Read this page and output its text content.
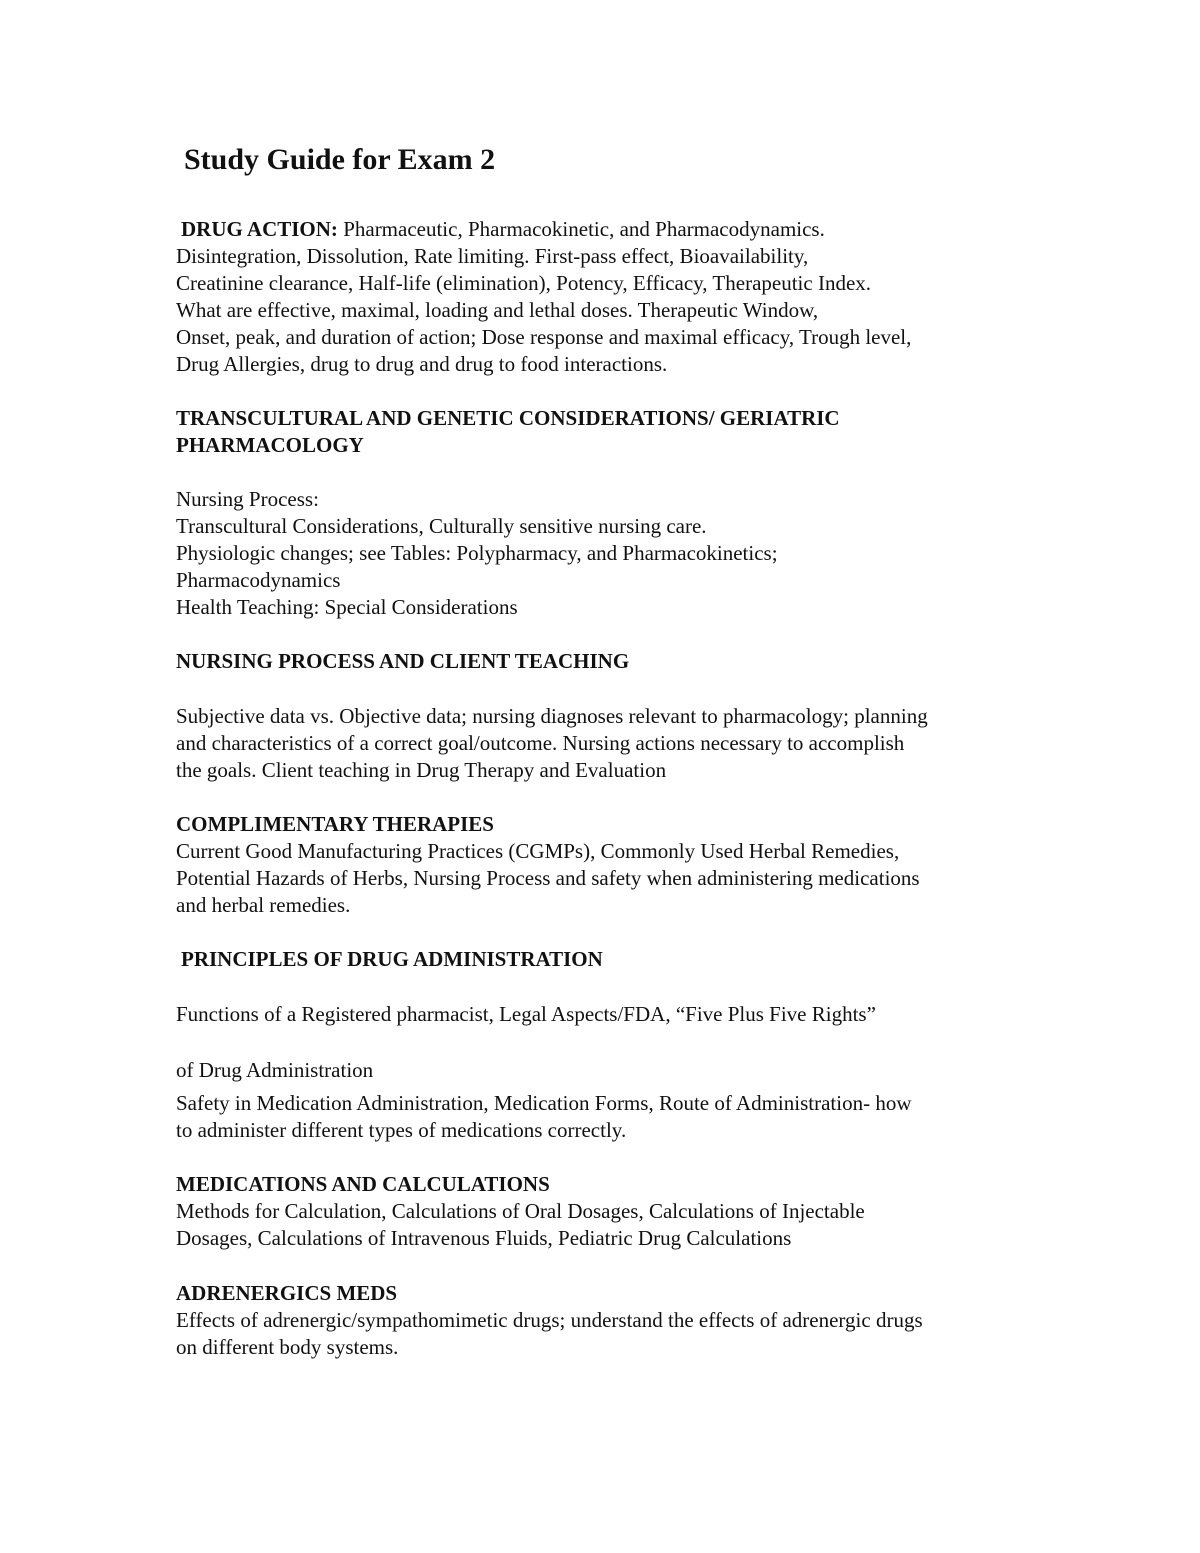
Study Guide for Exam 2
DRUG ACTION: Pharmaceutic, Pharmacokinetic, and Pharmacodynamics.
Disintegration, Dissolution, Rate limiting. First-pass effect, Bioavailability,
Creatinine clearance, Half-life (elimination), Potency, Efficacy, Therapeutic Index.
What are effective, maximal, loading and lethal doses. Therapeutic Window,
Onset, peak, and duration of action; Dose response and maximal efficacy, Trough level,
Drug Allergies, drug to drug and drug to food interactions.
TRANSCULTURAL AND GENETIC CONSIDERATIONS/ GERIATRIC
PHARMACOLOGY
Nursing Process:
Transcultural Considerations, Culturally sensitive nursing care.
Physiologic changes; see Tables: Polypharmacy, and Pharmacokinetics;
Pharmacodynamics
Health Teaching: Special Considerations
NURSING PROCESS AND CLIENT TEACHING
Subjective data vs. Objective data; nursing diagnoses relevant to pharmacology; planning
and characteristics of a correct goal/outcome. Nursing actions necessary to accomplish
the goals. Client teaching in Drug Therapy and Evaluation
COMPLIMENTARY THERAPIES
Current Good Manufacturing Practices (CGMPs), Commonly Used Herbal Remedies,
Potential Hazards of Herbs, Nursing Process and safety when administering medications
and herbal remedies.
PRINCIPLES OF DRUG ADMINISTRATION
Functions of a Registered pharmacist, Legal Aspects/FDA, “Five Plus Five Rights”
of Drug Administration
Safety in Medication Administration, Medication Forms, Route of Administration- how
to administer different types of medications correctly.
MEDICATIONS AND CALCULATIONS
Methods for Calculation, Calculations of Oral Dosages, Calculations of Injectable
Dosages, Calculations of Intravenous Fluids, Pediatric Drug Calculations
ADRENERGICS MEDS
Effects of adrenergic/sympathomimetic drugs; understand the effects of adrenergic drugs
on different body systems.
